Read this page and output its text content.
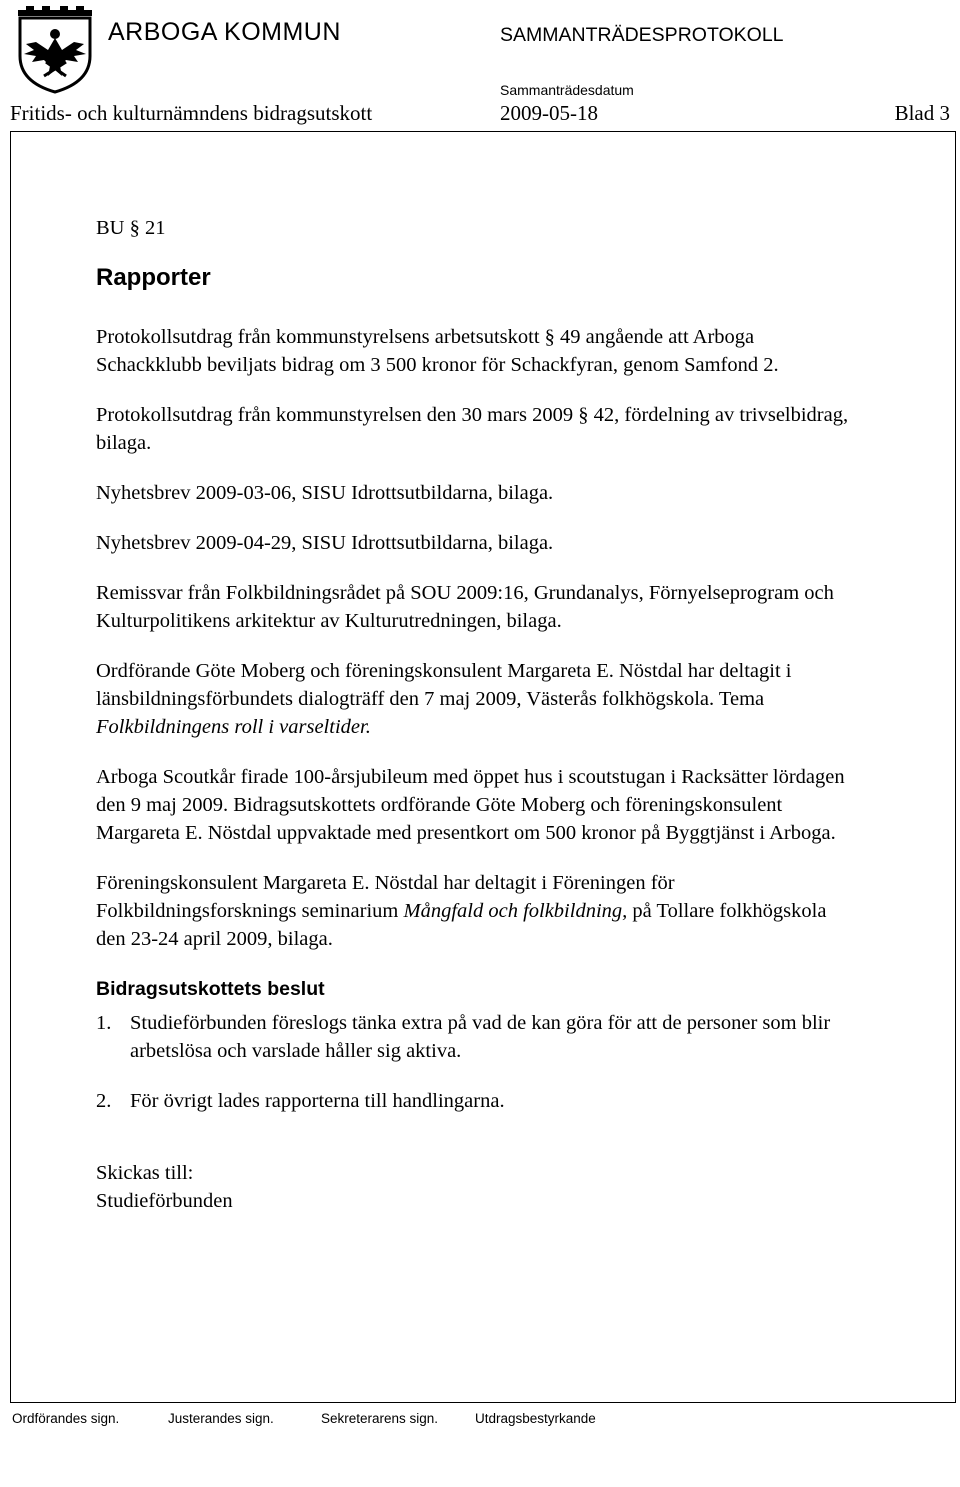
ARBOGA KOMMUN	SAMMANTRÄDESPROTOKOLL
Sammanträdesdatum
Fritids- och kulturnämndens bidragsutskott	2009-05-18	Blad 3
BU § 21
Rapporter

Protokollsutdrag från kommunstyrelsens arbetsutskott § 49 angående att Arboga Schackklubb beviljats bidrag om 3 500 kronor för Schackfyran, genom Samfond 2.

Protokollsutdrag från kommunstyrelsen den 30 mars 2009 § 42, fördelning av trivselbidrag, bilaga.

Nyhetsbrev 2009-03-06, SISU Idrottsutbildarna, bilaga.

Nyhetsbrev 2009-04-29, SISU Idrottsutbildarna, bilaga.

Remissvar från Folkbildningsrådet på SOU 2009:16, Grundanalys, Förnyelseprogram och Kulturpolitikens arkitektur av Kulturutredningen, bilaga.

Ordförande Göte Moberg och föreningskonsulent Margareta E. Nöstdal har deltagit i länsbildningsförbundets dialogträff den 7 maj 2009, Västerås folkhögskola. Tema Folkbildningens roll i varseltider.

Arboga Scoutkår firade 100-årsjubileum med öppet hus i scoutstugan i Racksätter lördagen den 9 maj 2009. Bidragsutskottets ordförande Göte Moberg och föreningskonsulent Margareta E. Nöstdal uppvaktade med presentkort om 500 kronor på Byggtjänst i Arboga.

Föreningskonsulent Margareta E. Nöstdal har deltagit i Föreningen för Folkbildningsforsknings seminarium Mångfald och folkbildning, på Tollare folkhögskola den 23-24 april 2009, bilaga.

Bidragsutskottets beslut
1. Studieförbunden föreslogs tänka extra på vad de kan göra för att de personer som blir arbetslösa och varslade håller sig aktiva.
2. För övrigt lades rapporterna till handlingarna.
Skickas till:
Studieförbunden
Ordförandes sign.	Justerandes sign.	Sekreterarens sign.	Utdragsbestyrkande
